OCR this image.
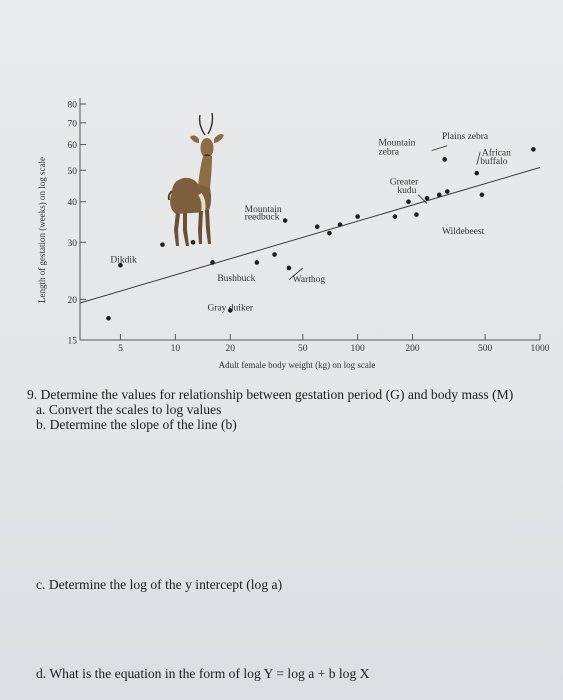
15
20
30
40
50
60
70
80
5	10	20	50	100	200	500	1000
Dikdik
Bushbuck	Warthog
Gray duiker
Mountain
reedbuck
Mountain
zebra
Plains zebra
African
buffalo
Greater
kudu
Wildebeest
Adult female body weight (kg) on log scale
Length of gestation (weeks) on log scale
9. Determine the values for relationship between gestation period (G) and body mass (M)
a. Convert the scales to log values
b. Determine the slope of the line (b)
c. Determine the log of the y intercept (log a)
d. What is the equation in the form of log Y = log a + b log X
